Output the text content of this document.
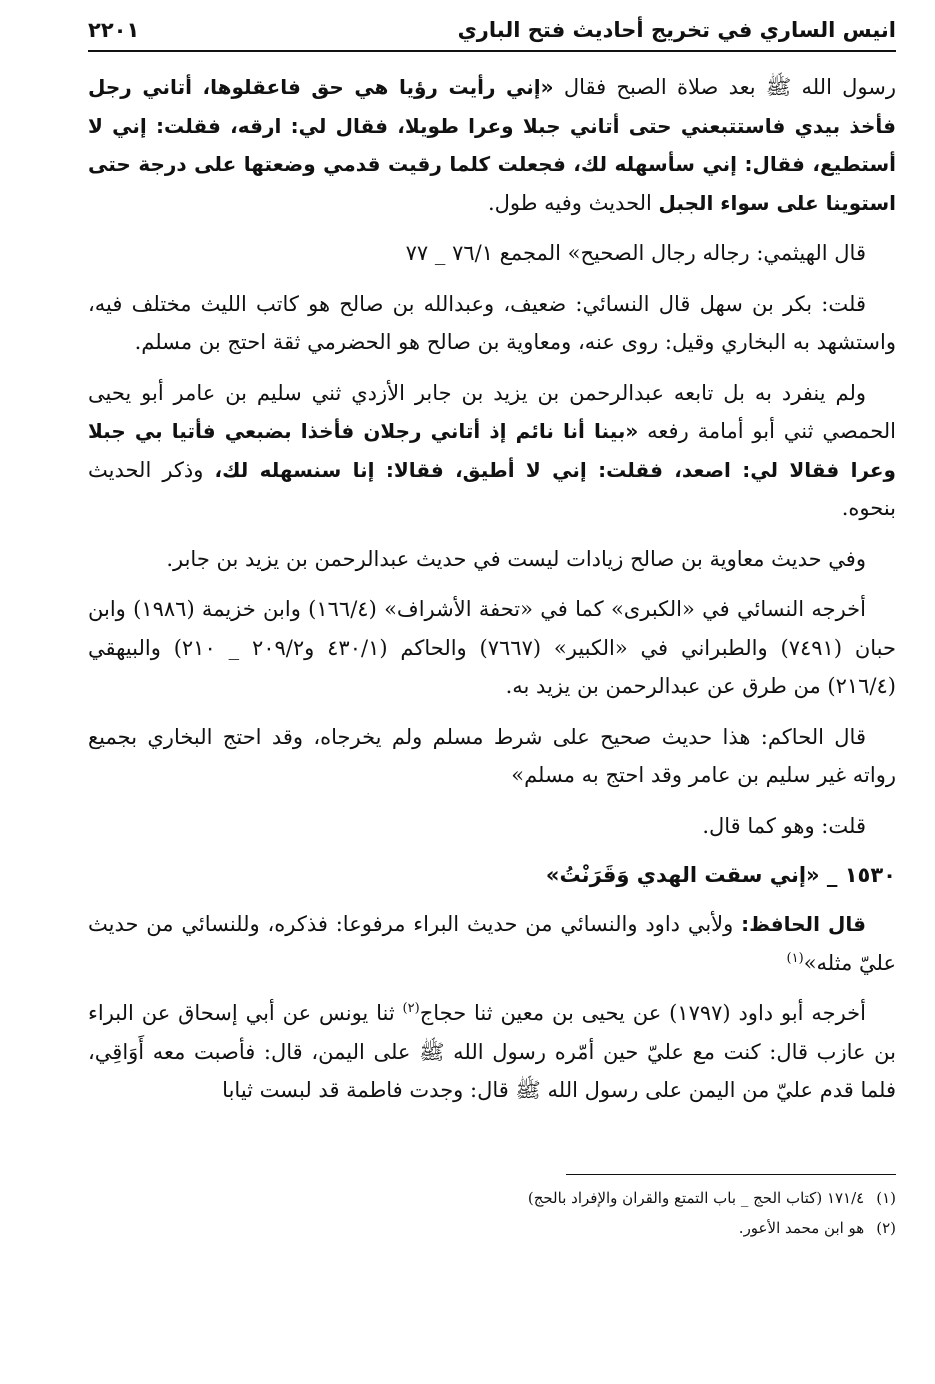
انيس الساري في تخريج أحاديث فتح الباري
٢٢٠١

رسول الله ﷺ بعد صلاة الصبح فقال «إني رأيت رؤيا هي حق فاعقلوها، أتاني رجل فأخذ بيدي فاستتبعني حتى أتاني جبلا وعرا طويلا، فقال لي: ارقه، فقلت: إني لا أستطيع، فقال: إني سأسهله لك، فجعلت كلما رقيت قدمي وضعتها على درجة حتى استوينا على سواء الجبل الحديث وفيه طول.

قال الهيثمي: رجاله رجال الصحيح» المجمع ٧٦/١ _ ٧٧

قلت: بكر بن سهل قال النسائي: ضعيف، وعبدالله بن صالح هو كاتب الليث مختلف فيه، واستشهد به البخاري وقيل: روى عنه، ومعاوية بن صالح هو الحضرمي ثقة احتج بن مسلم.

ولم ينفرد به بل تابعه عبدالرحمن بن يزيد بن جابر الأزدي ثني سليم بن عامر أبو يحيى الحمصي ثني أبو أمامة رفعه «بينا أنا نائم إذ أتاني رجلان فأخذا بضبعي فأتيا بي جبلا وعرا فقالا لي: اصعد، فقلت: إني لا أطيق، فقالا: إنا سنسهله لك، وذكر الحديث بنحوه.

وفي حديث معاوية بن صالح زيادات ليست في حديث عبدالرحمن بن يزيد بن جابر.

أخرجه النسائي في «الكبرى» كما في «تحفة الأشراف» (١٦٦/٤) وابن خزيمة (١٩٨٦) وابن حبان (٧٤٩١) والطبراني في «الكبير» (٧٦٦٧) والحاكم (٤٣٠/١ و٢٠٩/٢ _ ٢١٠) والبيهقي (٢١٦/٤) من طرق عن عبدالرحمن بن يزيد به.

قال الحاكم: هذا حديث صحيح على شرط مسلم ولم يخرجاه، وقد احتج البخاري بجميع رواته غير سليم بن عامر وقد احتج به مسلم»

قلت: وهو كما قال.

١٥٣٠ _ «إني سقت الهدي وَقَرَنْتُ»

قال الحافظ: ولأبي داود والنسائي من حديث البراء مرفوعا: فذكره، وللنسائي من حديث عليّ مثله»$^{(١)}$

أخرجه أبو داود (١٧٩٧) عن يحيى بن معين ثنا حجاج$^{(٢)}$ ثنا يونس عن أبي إسحاق عن البراء بن عازب قال: كنت مع عليّ حين أمّره رسول الله ﷺ على اليمن، قال: فأصبت معه أَوَاقِي، فلما قدم عليّ من اليمن على رسول الله ﷺ قال: وجدت فاطمة قد لبست ثيابا

(١)١٧١/٤ (كتاب الحج _ باب التمتع والقران والإفراد بالحج)
(٢)هو ابن محمد الأعور.
